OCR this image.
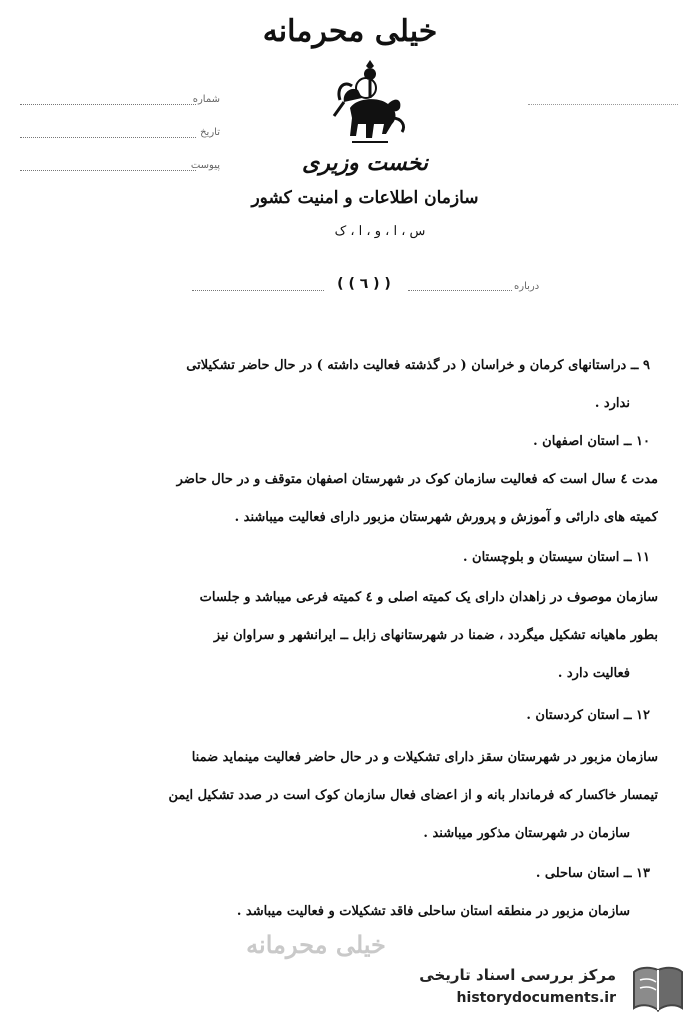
خیلی محرمانه
نخست وزیری
سازمان اطلاعات و امنیت کشور
س ، ا ، و ، ا ، ک
شماره
تاریخ
پیوست
( ( ٦ ) )	درباره
٩ ــ دراستانهای کرمان و خراسان ( در گذشته فعالیت داشته ) در حال حاضر تشکیلاتی
ندارد .
١٠ ــ استان اصفهان .
مدت ٤ سال است که فعالیت سازمان کوک در شهرستان اصفهان متوقف و در حال حاضر
کمیته های دارائی و آموزش و پرورش شهرستان مزبور دارای فعالیت میباشند .
١١ ــ استان سیستان و بلوچستان .
سازمان موصوف در زاهدان دارای یک کمیته اصلی و ٤ کمیته فرعی میباشد و جلسات
بطور ماهیانه تشکیل میگردد ، ضمنا در شهرستانهای زابل ــ ایرانشهر و سراوان نیز
فعالیت دارد .
١٢ ــ استان کردستان .
سازمان مزبور در شهرستان سقز دارای تشکیلات و در حال حاضر فعالیت مینماید ضمنا
تیمسار خاکسار که فرماندار بانه و از اعضای فعال سازمان کوک است در صدد تشکیل ایمن
سازمان در شهرستان مذکور میباشند .
١٣ ــ استان ساحلی .
سازمان مزبور در منطقه استان ساحلی فاقد تشکیلات و فعالیت میباشد .
خیلی محرمانه
مرکز بررسی اسناد تاریخی
historydocuments.ir
